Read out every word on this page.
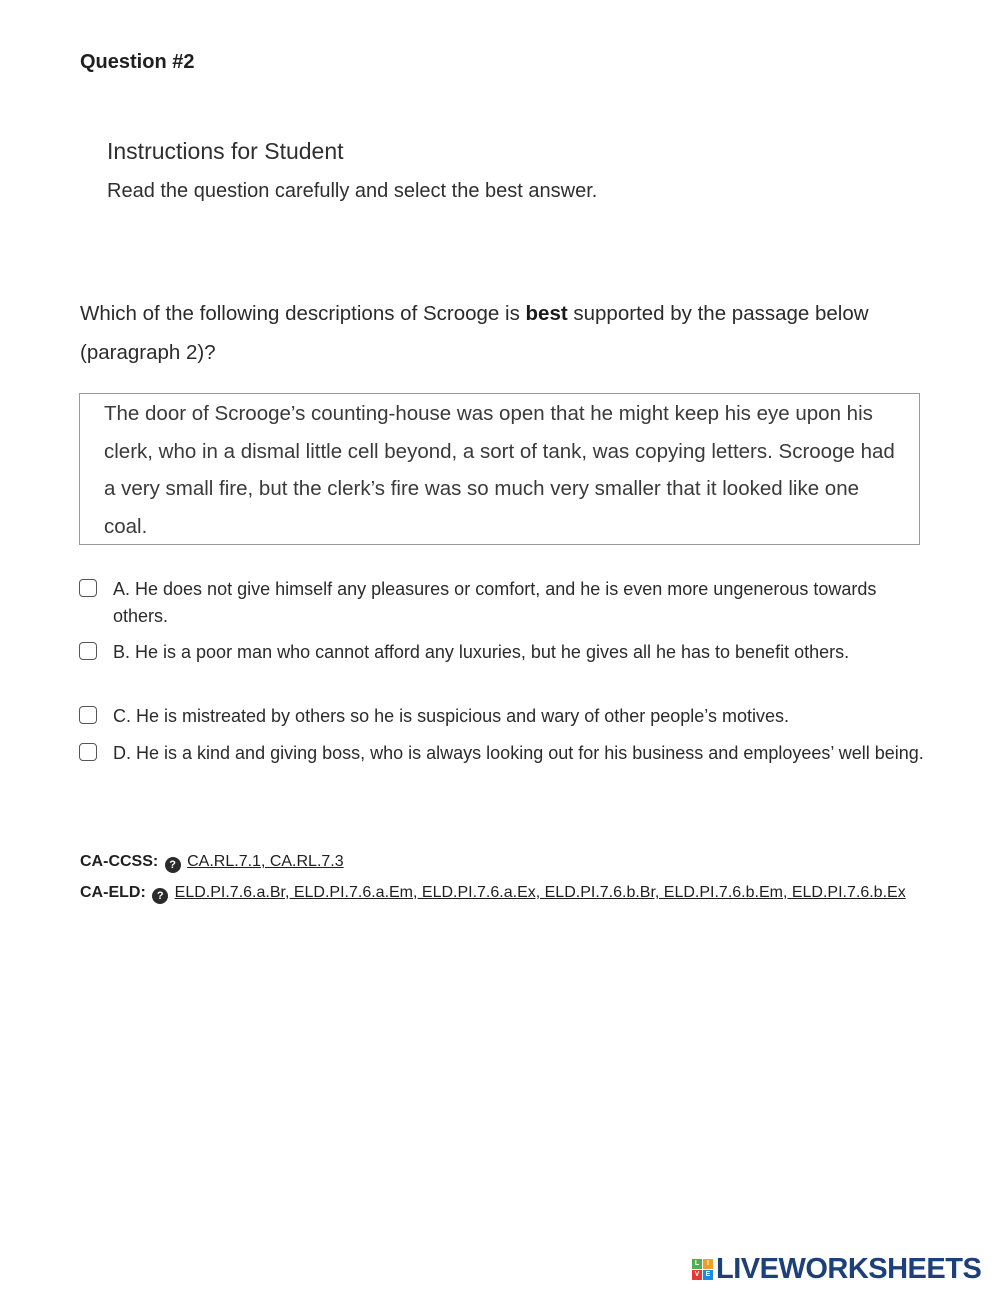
Question #2
Instructions for Student
Read the question carefully and select the best answer.
Which of the following descriptions of Scrooge is best supported by the passage below (paragraph 2)?
The door of Scrooge’s counting-house was open that he might keep his eye upon his clerk, who in a dismal little cell beyond, a sort of tank, was copying letters. Scrooge had a very small fire, but the clerk’s fire was so much very smaller that it looked like one coal.
A. He does not give himself any pleasures or comfort, and he is even more ungenerous towards others.
B. He is a poor man who cannot afford any luxuries, but he gives all he has to benefit others.
C. He is mistreated by others so he is suspicious and wary of other people’s motives.
D. He is a kind and giving boss, who is always looking out for his business and employees’ well being.
CA-CCSS: ? CA.RL.7.1, CA.RL.7.3
CA-ELD: ? ELD.PI.7.6.a.Br, ELD.PI.7.6.a.Em, ELD.PI.7.6.a.Ex, ELD.PI.7.6.b.Br, ELD.PI.7.6.b.Em, ELD.PI.7.6.b.Ex
L	I
V E LIVEWORKSHEETS
